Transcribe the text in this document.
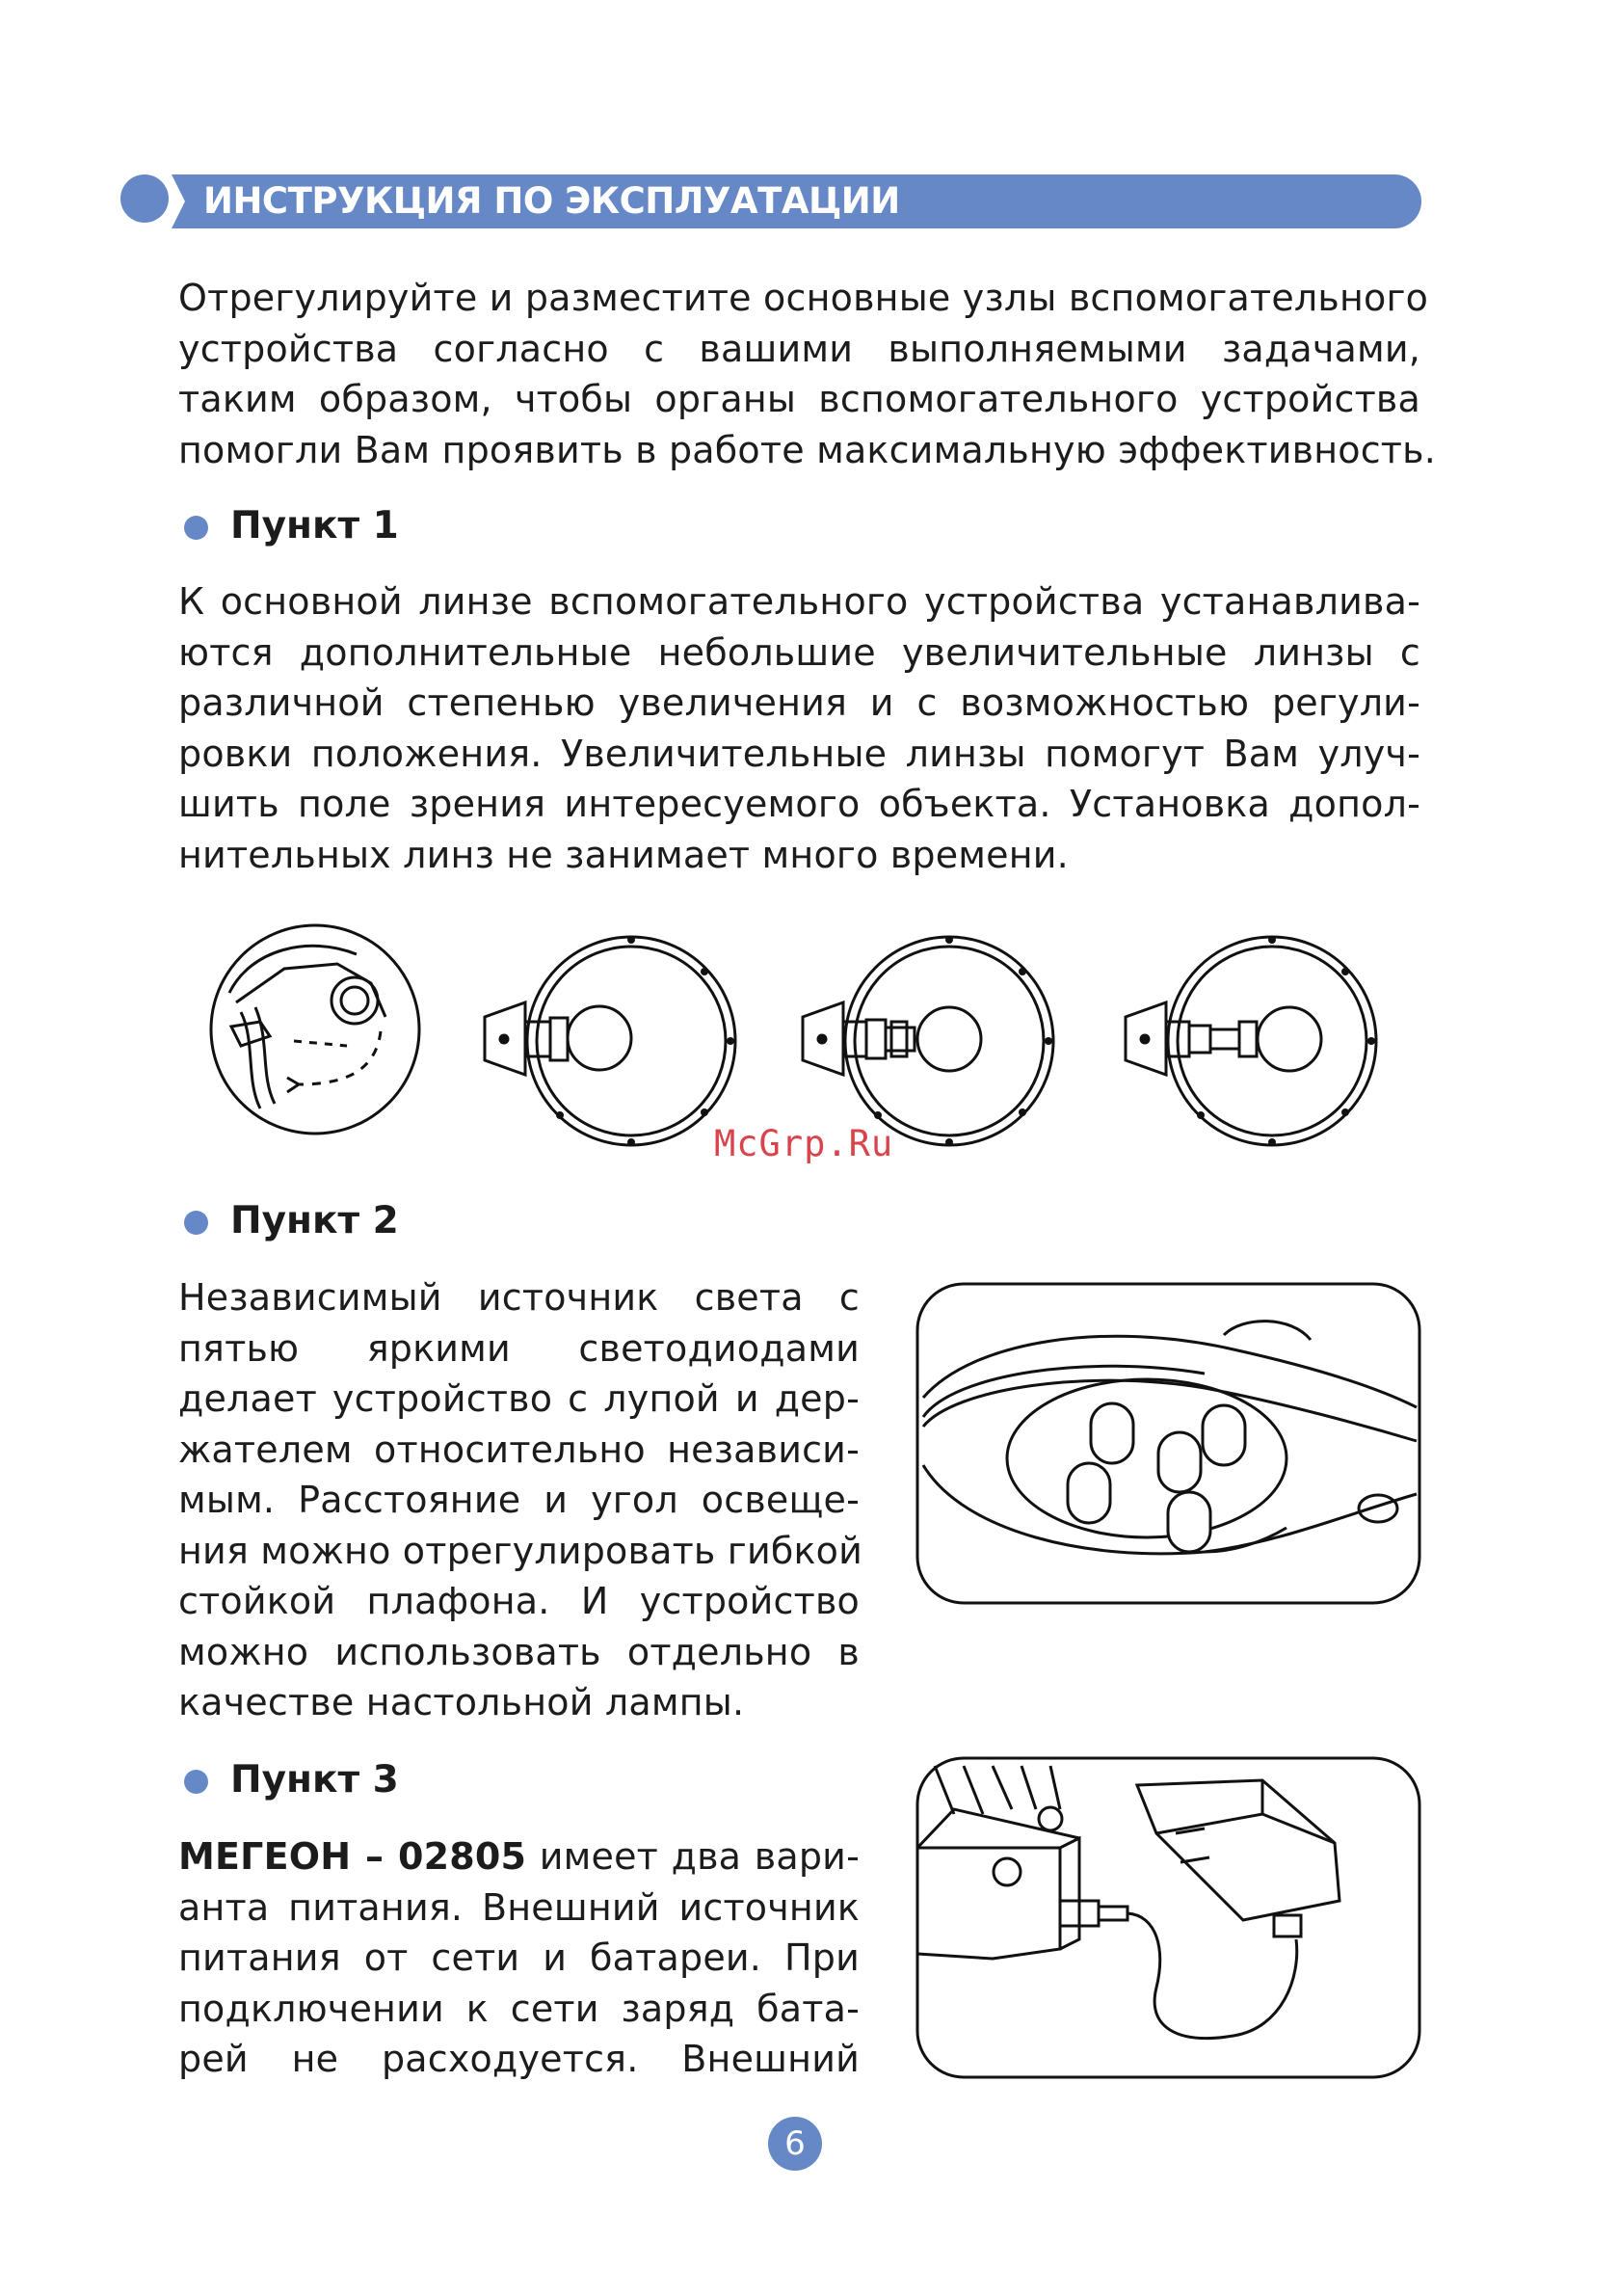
ИНСТРУКЦИЯ ПО ЭКСПЛУАТАЦИИ
Отрегулируйте и разместите основные узлы вспомогательного
устройства согласно с вашими выполняемыми задачами,
таким образом, чтобы органы вспомогательного устройства
помогли Вам проявить в работе максимальную эффективность.
Пункт 1
К основной линзе вспомогательного устройства устанавлива-
ются дополнительные небольшие увеличительные линзы с
различной степенью увеличения и с возможностью регули-
ровки положения. Увеличительные линзы помогут Вам улуч-
шить поле зрения интересуемого объекта. Установка допол-
нительных линз не занимает много времени.
McGrp.Ru
Пункт 2
Независимый источник света с
пятью яркими светодиодами
делает устройство с лупой и дер-
жателем относительно независи-
мым. Расстояние и угол освеще-
ния можно отрегулировать гибкой
стойкой плафона. И устройство
можно использовать отдельно в
качестве настольной лампы.
Пункт 3
МЕГЕОН – 02805 имеет два вари-
анта питания. Внешний источник
питания от сети и батареи. При
подключении к сети заряд бата-
рей не расходуется. Внешний
6
